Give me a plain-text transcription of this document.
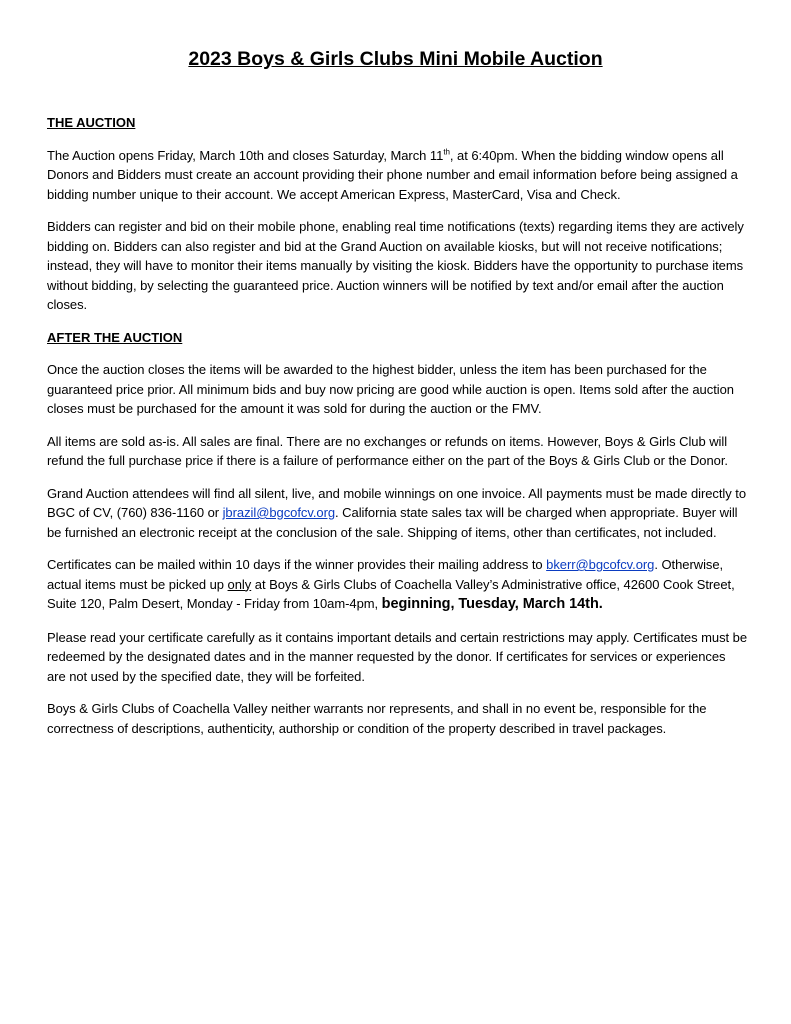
2023 Boys & Girls Clubs Mini Mobile Auction
THE AUCTION

The Auction opens Friday, March 10th and closes Saturday, March 11th, at 6:40pm. When the bidding window opens all Donors and Bidders must create an account providing their phone number and email information before being assigned a bidding number unique to their account. We accept American Express, MasterCard, Visa and Check.

Bidders can register and bid on their mobile phone, enabling real time notifications (texts) regarding items they are actively bidding on. Bidders can also register and bid at the Grand Auction on available kiosks, but will not receive notifications; instead, they will have to monitor their items manually by visiting the kiosk. Bidders have the opportunity to purchase items without bidding, by selecting the guaranteed price. Auction winners will be notified by text and/or email after the auction closes.

AFTER THE AUCTION

Once the auction closes the items will be awarded to the highest bidder, unless the item has been purchased for the guaranteed price prior. All minimum bids and buy now pricing are good while auction is open. Items sold after the auction closes must be purchased for the amount it was sold for during the auction or the FMV.

All items are sold as-is. All sales are final. There are no exchanges or refunds on items. However, Boys & Girls Club will refund the full purchase price if there is a failure of performance either on the part of the Boys & Girls Club or the Donor.

Grand Auction attendees will find all silent, live, and mobile winnings on one invoice. All payments must be made directly to BGC of CV, (760) 836-1160 or jbrazil@bgcofcv.org. California state sales tax will be charged when appropriate. Buyer will be furnished an electronic receipt at the conclusion of the sale. Shipping of items, other than certificates, not included.

Certificates can be mailed within 10 days if the winner provides their mailing address to bkerr@bgcofcv.org. Otherwise, actual items must be picked up only at Boys & Girls Clubs of Coachella Valley’s Administrative office, 42600 Cook Street, Suite 120, Palm Desert, Monday - Friday from 10am-4pm, beginning, Tuesday, March 14th.

Please read your certificate carefully as it contains important details and certain restrictions may apply. Certificates must be redeemed by the designated dates and in the manner requested by the donor. If certificates for services or experiences are not used by the specified date, they will be forfeited.

Boys & Girls Clubs of Coachella Valley neither warrants nor represents, and shall in no event be, responsible for the correctness of descriptions, authenticity, authorship or condition of the property described in travel packages.
